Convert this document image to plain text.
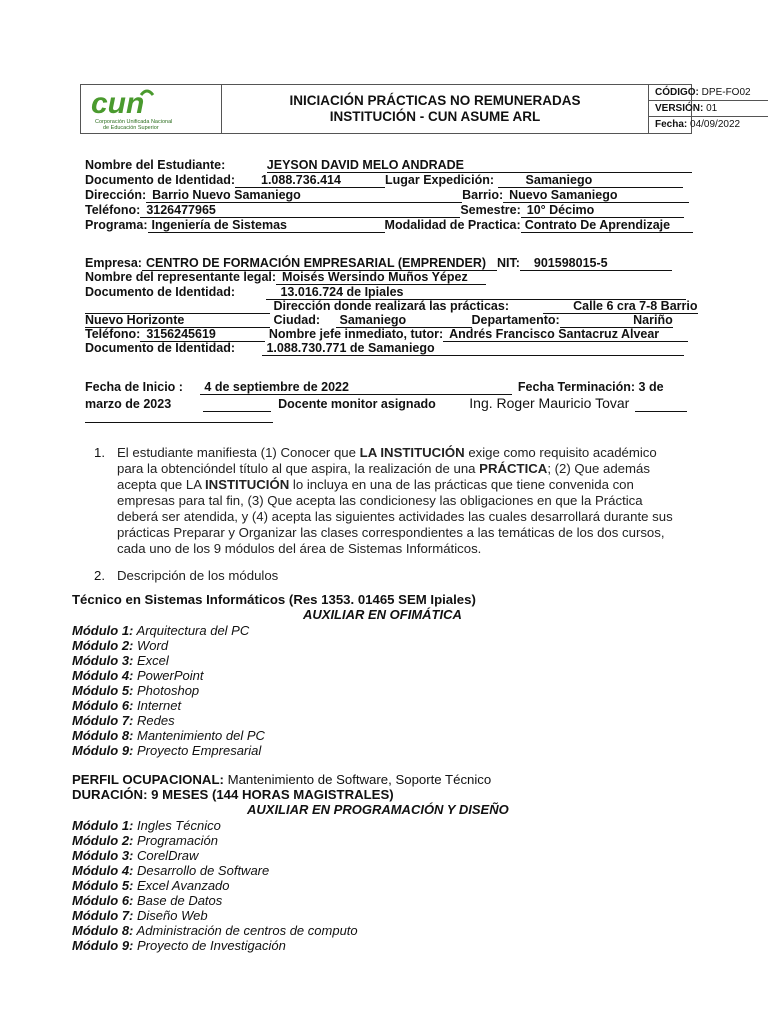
cun
Corporación Unificada Nacional
de Educación Superior
INICIACIÓN PRÁCTICAS NO REMUNERADAS
INSTITUCIÓN - CUN ASUME ARL
CÓDIGO: DPE-FO02
VERSIÓN: 01
Fecha: 04/09/2022
Nombre del Estudiante:	JEYSON DAVID MELO ANDRADE
Documento de Identidad: 1.088.736.414	Lugar Expedición:	Samaniego
Dirección: Barrio Nuevo Samaniego	Barrio: Nuevo Samaniego
Teléfono: 3126477965	Semestre: 10° Décimo
Programa: Ingeniería de Sistemas	Modalidad de Practica: Contrato De Aprendizaje
Empresa: CENTRO DE FORMACIÓN EMPRESARIAL (EMPRENDER) NIT: 901598015-5
Nombre del representante legal: Moisés Wersindo Muños Yépez
Documento de Identidad:	13.016.724 de Ipiales
Dirección donde realizará las prácticas:	Calle 6 cra 7-8 Barrio
Nuevo Horizonte	Ciudad: Samaniego	Departamento:	Nariño
Teléfono: 3156245619	Nombre jefe inmediato, tutor: Andrés Francisco Santacruz Alvear
Documento de Identidad:	1.088.730.771 de Samaniego
Fecha de Inicio : 4 de septiembre de 2022	Fecha Terminación: 3 de
marzo de 2023	Docente monitor asignado Ing. Roger Mauricio Tovar
1. El estudiante manifiesta (1) Conocer que LA INSTITUCIÓN exige como requisito académico
para la obtencióndel título al que aspira, la realización de una PRÁCTICA; (2) Que además
acepta que LA INSTITUCIÓN lo incluya en una de las prácticas que tiene convenida con
empresas para tal fin, (3) Que acepta las condicionesy las obligaciones en que la Práctica
deberá ser atendida, y (4) acepta las siguientes actividades las cuales desarrollará durante sus
prácticas Preparar y Organizar las clases correspondientes a las temáticas de los dos cursos,
cada uno de los 9 módulos del área de Sistemas Informáticos.
2. Descripción de los módulos
Técnico en Sistemas Informáticos (Res 1353. 01465 SEM Ipiales)
AUXILIAR EN OFIMÁTICA
Módulo 1: Arquitectura del PC
Módulo 2: Word
Módulo 3: Excel
Módulo 4: PowerPoint
Módulo 5: Photoshop
Módulo 6: Internet
Módulo 7: Redes
Módulo 8: Mantenimiento del PC
Módulo 9: Proyecto Empresarial
PERFIL OCUPACIONAL: Mantenimiento de Software, Soporte Técnico
DURACIÓN: 9 MESES (144 HORAS MAGISTRALES)
AUXILIAR EN PROGRAMACIÓN Y DISEÑO
Módulo 1: Ingles Técnico
Módulo 2: Programación
Módulo 3: CorelDraw
Módulo 4: Desarrollo de Software
Módulo 5: Excel Avanzado
Módulo 6: Base de Datos
Módulo 7: Diseño Web
Módulo 8: Administración de centros de computo
Módulo 9: Proyecto de Investigación
